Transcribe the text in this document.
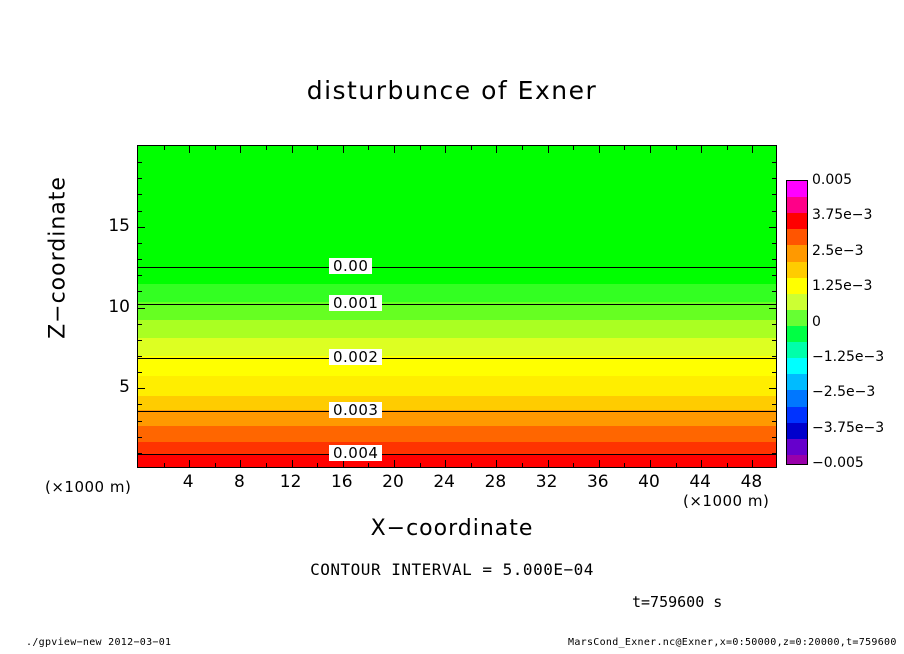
disturbunce of Exner
0.004
0.003
0.002
0.001
0.00
4	8	12	16	20	24	28	32	36	40	44	48
5
10
15
X−coordinate
Z−coordinate
(×1000 m)
(×1000 m)
CONTOUR INTERVAL = 5.000E−04
t=759600 s
./gpview−new 2012−03−01	MarsCond_Exner.nc@Exner,x=0:50000,z=0:20000,t=759600
0.005
3.75e−3
2.5e−3
1.25e−3
0
−1.25e−3
−2.5e−3
−3.75e−3
−0.005
